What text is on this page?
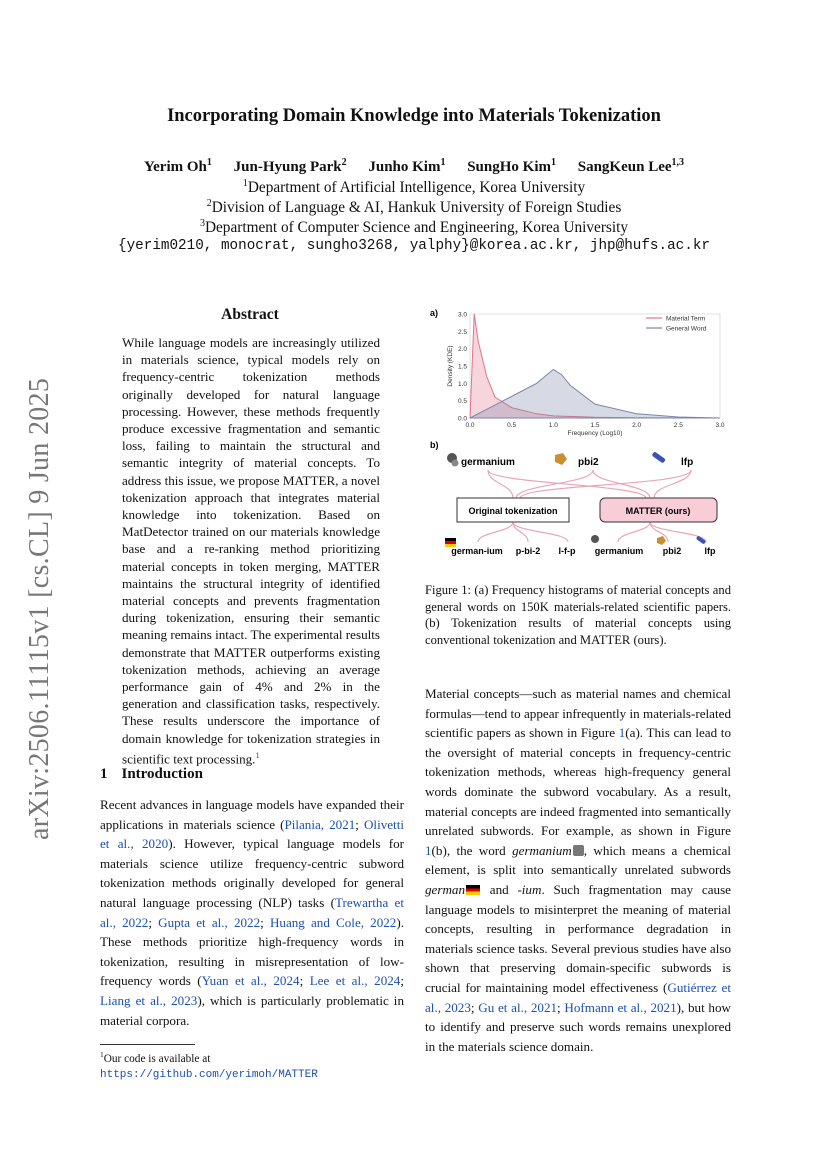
Incorporating Domain Knowledge into Materials Tokenization
Yerim Oh$^1$ Jun-Hyung Park$^2$ Junho Kim$^1$ SungHo Kim$^1$ SangKeun Lee$^{1,3}$
$^1$Department of Artificial Intelligence, Korea University
$^2$Division of Language & AI, Hankuk University of Foreign Studies
$^3$Department of Computer Science and Engineering, Korea University
{yerim0210, monocrat, sungho3268, yalphy}@korea.ac.kr, jhp@hufs.ac.kr
arXiv:2506.11115v1 [cs.CL] 9 Jun 2025
Abstract
While language models are increasingly utilized in materials science, typical models rely on frequency-centric tokenization methods originally developed for natural language processing. However, these methods frequently produce excessive fragmentation and semantic loss, failing to maintain the structural and semantic integrity of material concepts. To address this issue, we propose MATTER, a novel tokenization approach that integrates material knowledge into tokenization. Based on MatDetector trained on our materials knowledge base and a re-ranking method prioritizing material concepts in token merging, MATTER maintains the structural integrity of identified material concepts and prevents fragmentation during tokenization, ensuring their semantic meaning remains intact. The experimental results demonstrate that MATTER outperforms existing tokenization methods, achieving an average performance gain of 4% and 2% in the generation and classification tasks, respectively. These results underscore the importance of domain knowledge for tokenization strategies in scientific text processing.$^1$
1 Introduction
Recent advances in language models have expanded their applications in materials science (Pilania, 2021; Olivetti et al., 2020). However, typical language models for materials science utilize frequency-centric subword tokenization methods originally developed for general natural language processing (NLP) tasks (Trewartha et al., 2022; Gupta et al., 2022; Huang and Cole, 2022). These methods prioritize high-frequency words in tokenization, resulting in misrepresentation of low-frequency words (Yuan et al., 2024; Lee et al., 2024; Liang et al., 2023), which is particularly problematic in material corpora.
$^1$Our code is available at https://github.com/yerimoh/MATTER
a)
0.0
0.5
1.0
1.5
2.0
2.5
3.0
0.0	0.5	1.0	1.5	2.0	2.5	3.0
Frequency (Log10)
Density (KDE)
Material Term
General Word
b)
germanium	pbi2	lfp
Original tokenization	MATTER (ours)
german-ium p-bi-2 l-f-p germanium pbi2	lfp
Figure 1: (a) Frequency histograms of material concepts and general words on 150K materials-related scientific papers. (b) Tokenization results of material concepts using conventional tokenization and MATTER (ours).
Material concepts—such as material names and chemical formulas—tend to appear infrequently in materials-related scientific papers as shown in Figure 1(a). This can lead to the oversight of material concepts in frequency-centric tokenization methods, whereas high-frequency general words dominate the subword vocabulary. As a result, material concepts are indeed fragmented into semantically unrelated subwords. For example, as shown in Figure 1(b), the word germanium , which means a chemical element, is split into semantically unrelated subwords german and -ium. Such fragmentation may cause language models to misinterpret the meaning of material concepts, resulting in performance degradation in materials science tasks. Several previous studies have also shown that preserving domain-specific subwords is crucial for maintaining model effectiveness (Gutiérrez et al., 2023; Gu et al., 2021; Hofmann et al., 2021), but how to identify and preserve such words remains unexplored in the materials science domain.
